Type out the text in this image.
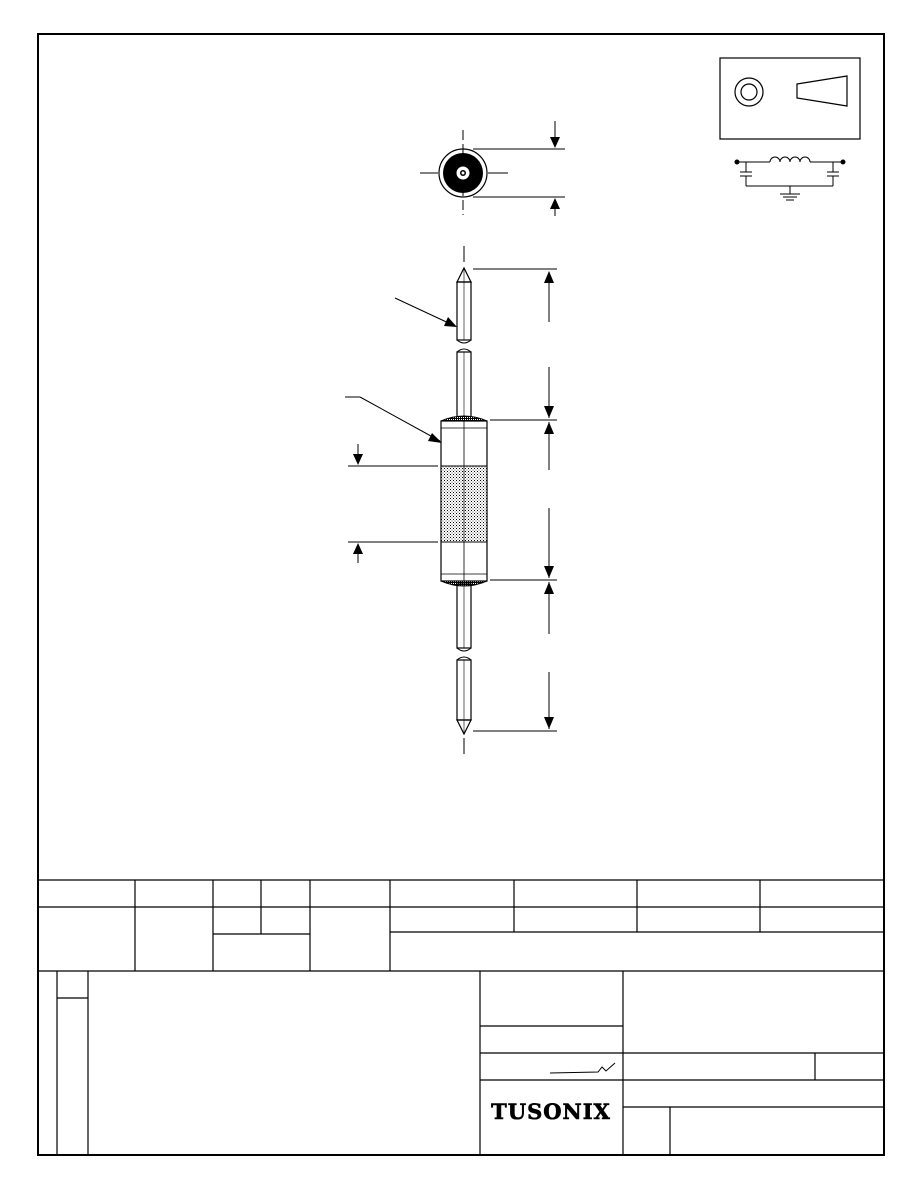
TUSONIX
